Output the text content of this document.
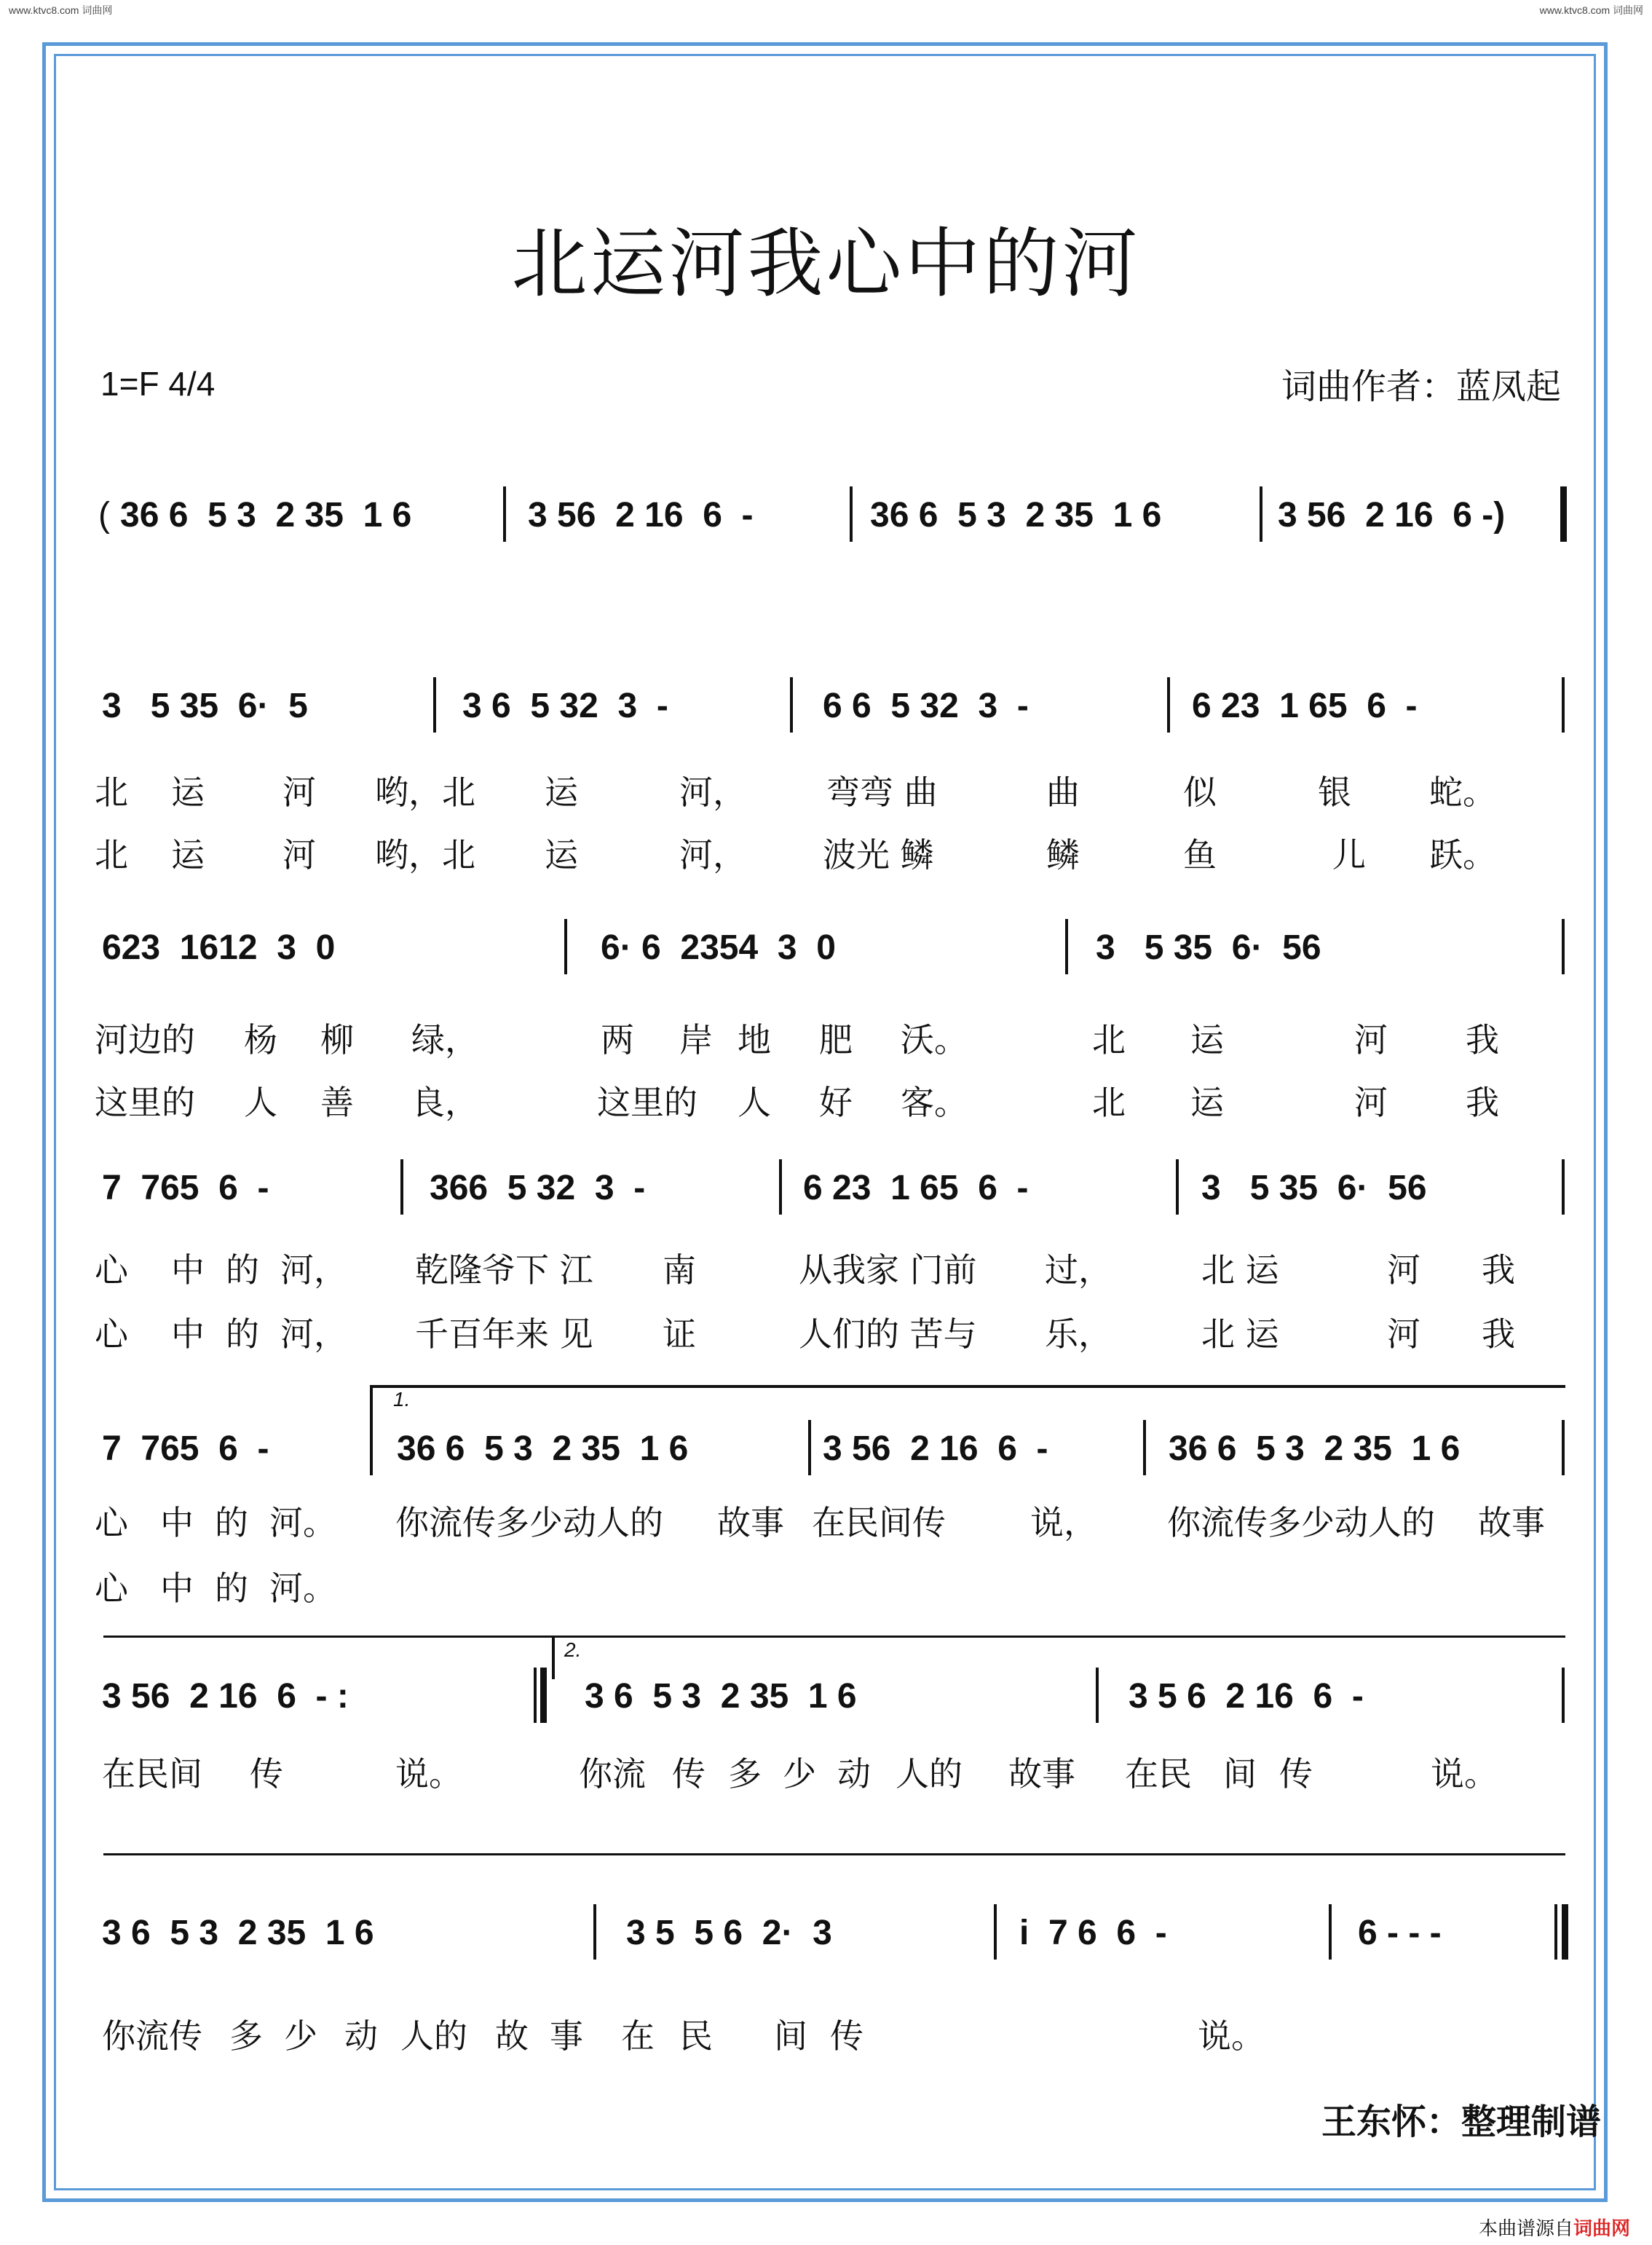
www.ktvc8.com 词曲网	www.ktvc8.com 词曲网
北运河我心中的河
1=F 4/4	词曲作者：蓝凤起
( 36 6  5 3  2 35  1 6	3 56  2 16  6  -	36 6  5 3  2 35  1 6	3 56  2 16  6 -)
3   5 35  6·  5	3 6  5 32  3  -	6 6  5 32  3  -	6 23  1 65  6  -
北 运 河 哟，北 运	河， 弯弯 曲	曲	似	银 蛇。
北 运 河 哟，北 运	河， 波光 鳞	鳞	鱼	儿 跃。
623  1612  3  0	6· 6  2354  3  0	3   5 35  6·  56
河边的 杨 柳 绿，	两 岸 地 肥 沃。	北 运	河 我
这里的 人 善 良，	这里的 人 好 客。	北 运	河 我
7  765  6  -	366  5 32  3  -	6 23  1 65  6  -	3   5 35  6·  56
心 中 的 河， 乾隆爷下 江 南	从我家 门前 过，	北 运	河 我
心 中 的 河， 千百年来 见 证	人们的 苦与 乐，	北 运	河 我
1.
7  765  6  -	36 6  5 3  2 35  1 6	3 56  2 16  6  -	36 6  5 3  2 35  1 6
心 中 的 河。 你流传多少动人的 故事 在民间传	说， 你流传多少动人的 故事
心 中 的 河。
2.
3 56  2 16  6  - :	3 6  5 3  2 35  1 6	3 5 6  2 16  6  -
在民间 传	说。	你流 传 多 少 动 人的 故事 在民 间 传	说。
3 6  5 3  2 35  1 6	3 5  5 6  2·  3	i  7 6  6  -	6 - - -
你流传 多 少 动 人的 故 事 在 民 间 传	说。
王东怀：整理制谱
本曲谱源自词曲网
